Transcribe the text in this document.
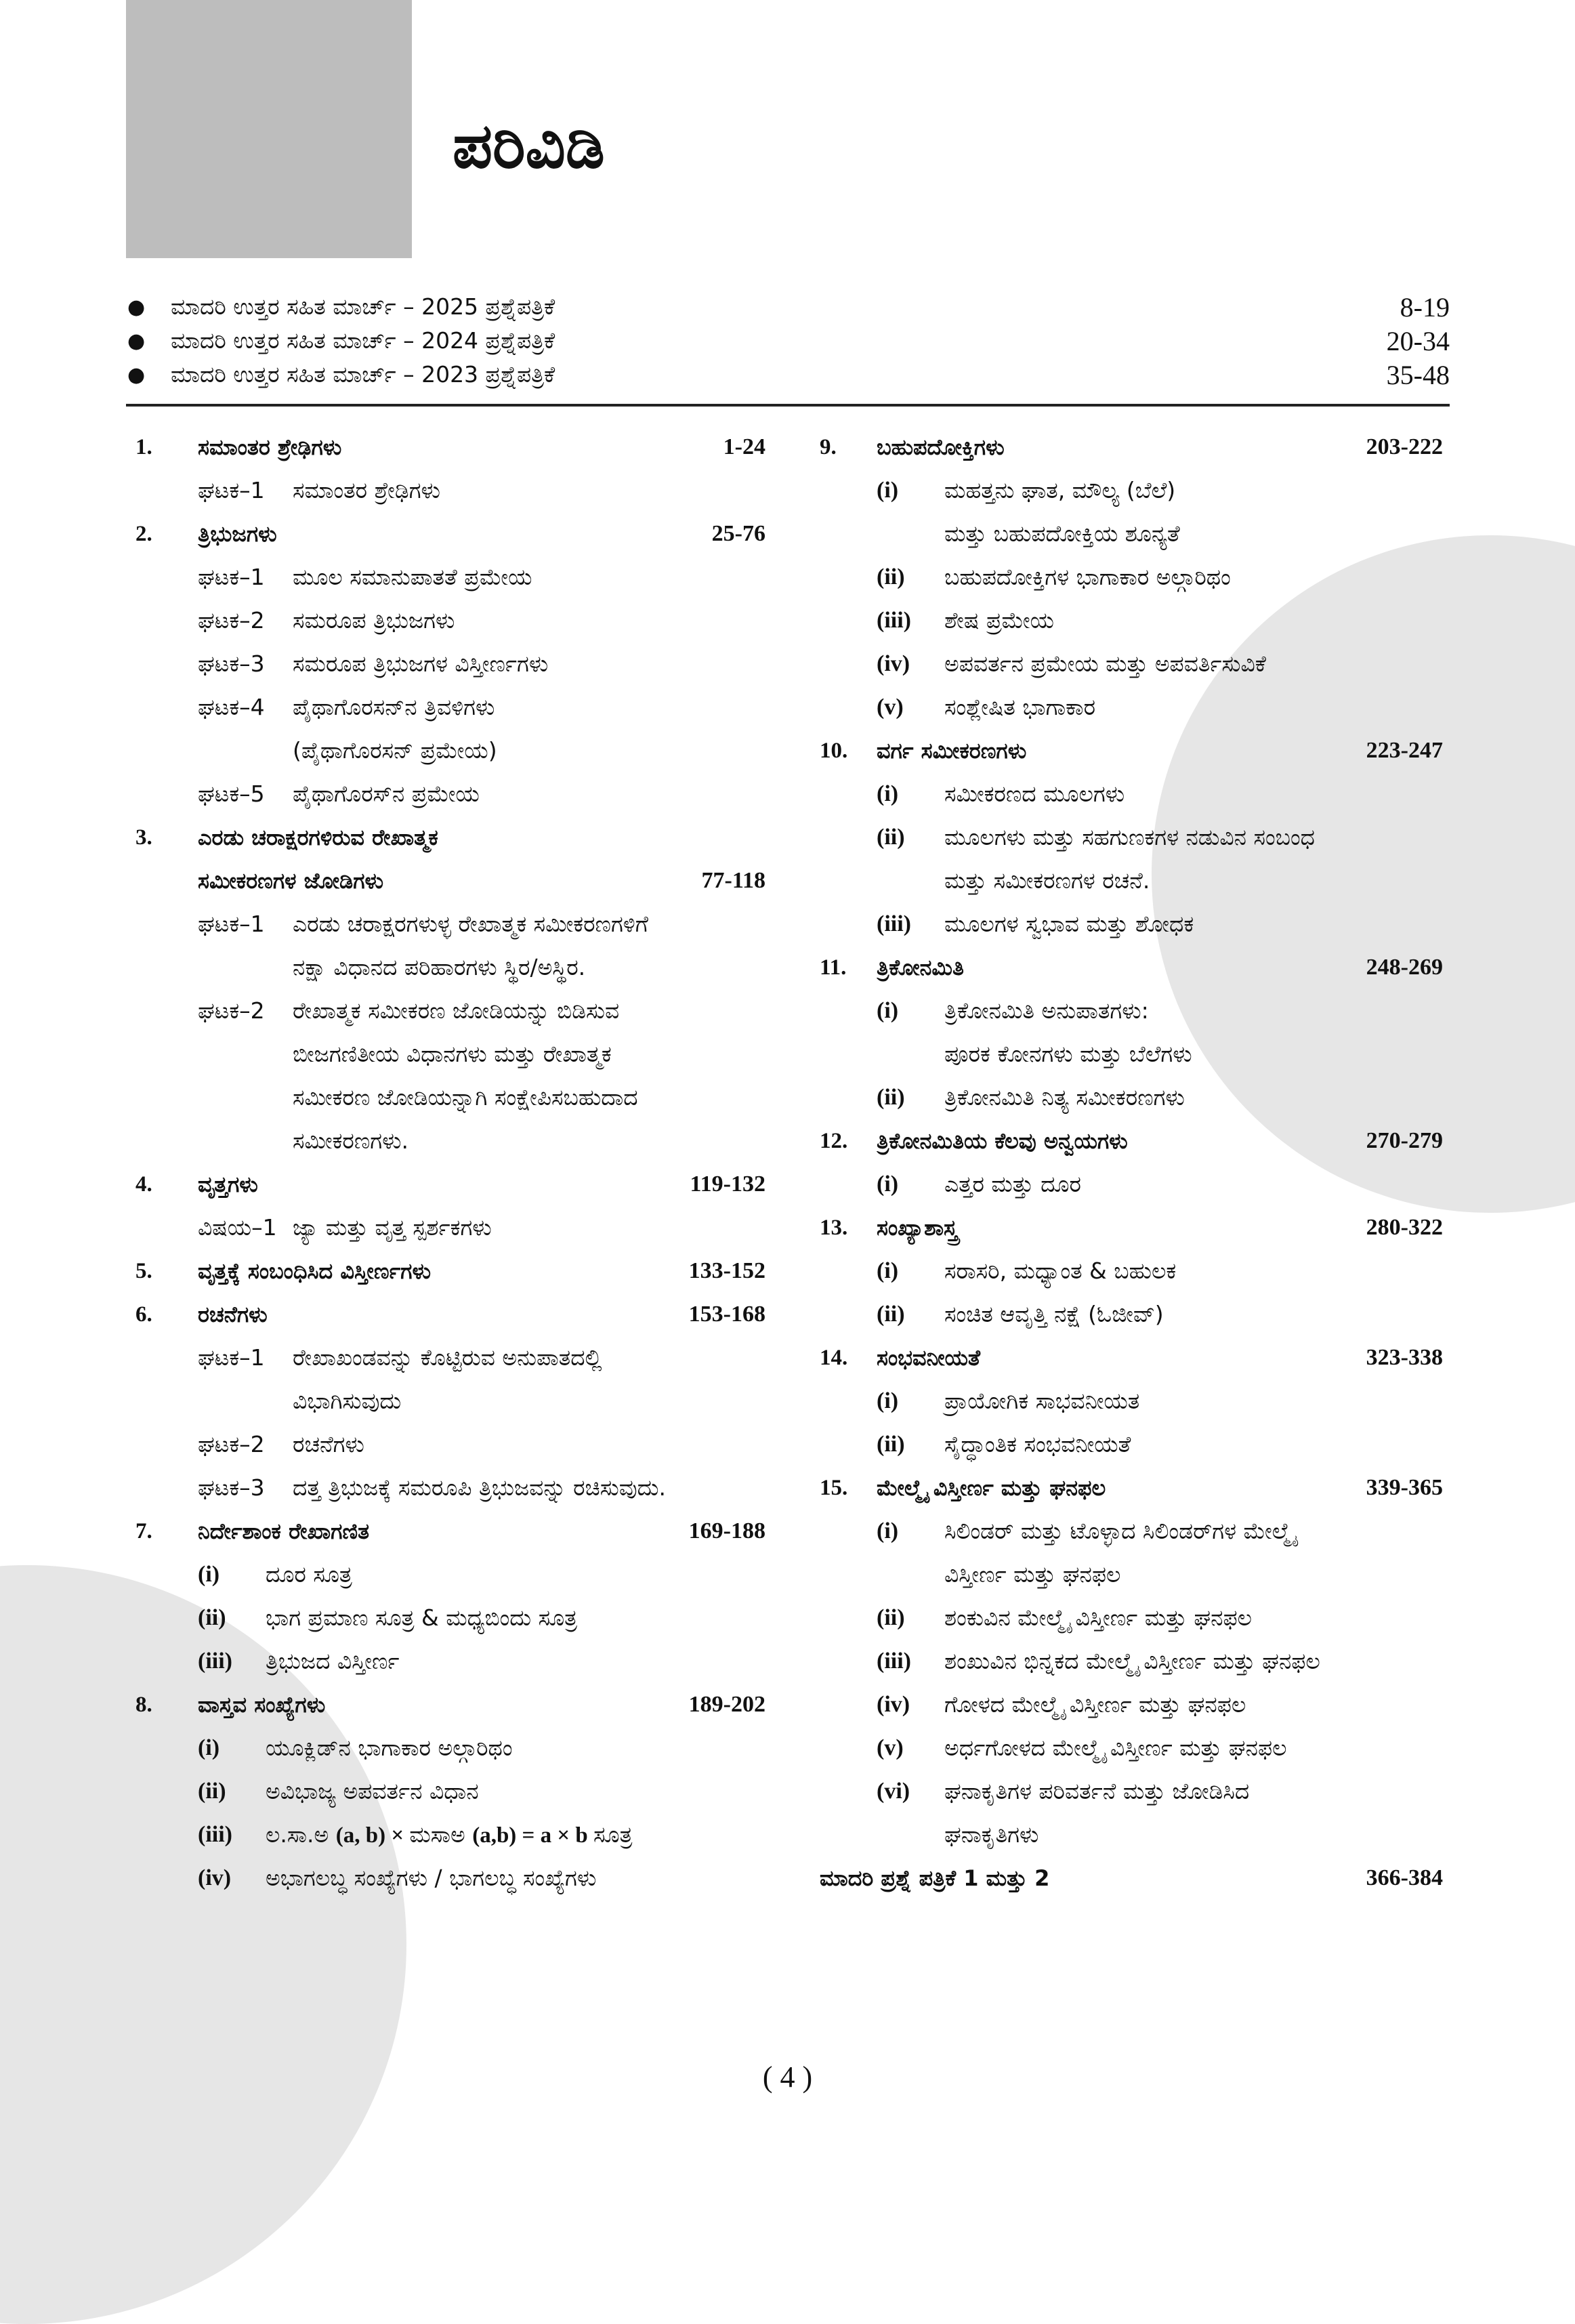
ಪರಿವಿಡಿ
●	ಮಾದರಿ ಉತ್ತರ ಸಹಿತ ಮಾರ್ಚ್ – 2025 ಪ್ರಶ್ನೆಪತ್ರಿಕೆ	8-19
●	ಮಾದರಿ ಉತ್ತರ ಸಹಿತ ಮಾರ್ಚ್ – 2024 ಪ್ರಶ್ನೆಪತ್ರಿಕೆ	20-34
●	ಮಾದರಿ ಉತ್ತರ ಸಹಿತ ಮಾರ್ಚ್ – 2023 ಪ್ರಶ್ನೆಪತ್ರಿಕೆ	35-48
1.	ಸಮಾಂತರ ಶ್ರೇಢಿಗಳು	1-24
ಘಟಕ–1	ಸಮಾಂತರ ಶ್ರೇಢಿಗಳು
2.	ತ್ರಿಭುಜಗಳು	25-76
ಘಟಕ–1	ಮೂಲ ಸಮಾನುಪಾತತೆ ಪ್ರಮೇಯ
ಘಟಕ–2	ಸಮರೂಪ ತ್ರಿಭುಜಗಳು
ಘಟಕ–3	ಸಮರೂಪ ತ್ರಿಭುಜಗಳ ವಿಸ್ತೀರ್ಣಗಳು
ಘಟಕ–4	ಪೈಥಾಗೊರಸನ್‌ನ ತ್ರಿವಳಿಗಳು
(ಪೈಥಾಗೊರಸನ್ ಪ್ರಮೇಯ)
ಘಟಕ–5	ಪೈಥಾಗೊರಸ್‌ನ ಪ್ರಮೇಯ
3.	ಎರಡು ಚರಾಕ್ಷರಗಳಿರುವ ರೇಖಾತ್ಮಕ
ಸಮೀಕರಣಗಳ ಜೋಡಿಗಳು	77-118
ಘಟಕ–1	ಎರಡು ಚರಾಕ್ಷರಗಳುಳ್ಳ ರೇಖಾತ್ಮಕ ಸಮೀಕರಣಗಳಿಗೆ
ನಕ್ಷಾ ವಿಧಾನದ ಪರಿಹಾರಗಳು ಸ್ಥಿರ/ಅಸ್ಥಿರ.
ಘಟಕ–2	ರೇಖಾತ್ಮಕ ಸಮೀಕರಣ ಜೋಡಿಯನ್ನು ಬಿಡಿಸುವ
ಬೀಜಗಣಿತೀಯ ವಿಧಾನಗಳು ಮತ್ತು ರೇಖಾತ್ಮಕ
ಸಮೀಕರಣ ಜೋಡಿಯನ್ನಾಗಿ ಸಂಕ್ಷೇಪಿಸಬಹುದಾದ
ಸಮೀಕರಣಗಳು.
4.	ವೃತ್ತಗಳು	119-132
ವಿಷಯ–1 ಜ್ಯಾ ಮತ್ತು ವೃತ್ತ ಸ್ಪರ್ಶಕಗಳು
5.	ವೃತ್ತಕ್ಕೆ ಸಂಬಂಧಿಸಿದ ವಿಸ್ತೀರ್ಣಗಳು	133-152
6.	ರಚನೆಗಳು	153-168
ಘಟಕ–1	ರೇಖಾಖಂಡವನ್ನು ಕೊಟ್ಟಿರುವ ಅನುಪಾತದಲ್ಲಿ
ವಿಭಾಗಿಸುವುದು
ಘಟಕ–2	ರಚನೆಗಳು
ಘಟಕ–3	ದತ್ತ ತ್ರಿಭುಜಕ್ಕೆ ಸಮರೂಪಿ ತ್ರಿಭುಜವನ್ನು ರಚಿಸುವುದು.
7.	ನಿರ್ದೇಶಾಂಕ ರೇಖಾಗಣಿತ	169-188
(i)	ದೂರ ಸೂತ್ರ
(ii)	ಭಾಗ ಪ್ರಮಾಣ ಸೂತ್ರ & ಮಧ್ಯಬಿಂದು ಸೂತ್ರ
(iii)	ತ್ರಿಭುಜದ ವಿಸ್ತೀರ್ಣ
8.	ವಾಸ್ತವ ಸಂಖ್ಯೆಗಳು	189-202
(i)	ಯೂಕ್ಲಿಡ್‌ನ ಭಾಗಾಕಾರ ಅಲ್ಗಾರಿಥಂ
(ii)	ಅವಿಭಾಜ್ಯ ಅಪವರ್ತನ ವಿಧಾನ
(iii)	ಲ.ಸಾ.ಅ (a, b) × ಮಸಾಅ (a,b) = a × b ಸೂತ್ರ
(iv)	ಅಭಾಗಲಬ್ಧ ಸಂಖ್ಯೆಗಳು / ಭಾಗಲಬ್ಧ ಸಂಖ್ಯೆಗಳು
9.	ಬಹುಪದೋಕ್ತಿಗಳು	203-222
(i)	ಮಹತ್ತನು ಘಾತ, ಮೌಲ್ಯ (ಬೆಲೆ)
ಮತ್ತು ಬಹುಪದೋಕ್ತಿಯ ಶೂನ್ಯತೆ
(ii)	ಬಹುಪದೋಕ್ತಿಗಳ ಭಾಗಾಕಾರ ಅಲ್ಗಾರಿಥಂ
(iii)	ಶೇಷ ಪ್ರಮೇಯ
(iv)	ಅಪವರ್ತನ ಪ್ರಮೇಯ ಮತ್ತು ಅಪವರ್ತಿಸುವಿಕೆ
(v)	ಸಂಶ್ಲೇಷಿತ ಭಾಗಾಕಾರ
10.	ವರ್ಗ ಸಮೀಕರಣಗಳು	223-247
(i)	ಸಮೀಕರಣದ ಮೂಲಗಳು
(ii)	ಮೂಲಗಳು ಮತ್ತು ಸಹಗುಣಕಗಳ ನಡುವಿನ ಸಂಬಂಧ
ಮತ್ತು ಸಮೀಕರಣಗಳ ರಚನೆ.
(iii)	ಮೂಲಗಳ ಸ್ವಭಾವ ಮತ್ತು ಶೋಧಕ
11.	ತ್ರಿಕೋನಮಿತಿ	248-269
(i)	ತ್ರಿಕೋನಮಿತಿ ಅನುಪಾತಗಳು:
ಪೂರಕ ಕೋನಗಳು ಮತ್ತು ಬೆಲೆಗಳು
(ii)	ತ್ರಿಕೋನಮಿತಿ ನಿತ್ಯ ಸಮೀಕರಣಗಳು
12.	ತ್ರಿಕೋನಮಿತಿಯ ಕೆಲವು ಅನ್ವಯಗಳು	270-279
(i)	ಎತ್ತರ ಮತ್ತು ದೂರ
13.	ಸಂಖ್ಯಾಶಾಸ್ತ್ರ	280-322
(i)	ಸರಾಸರಿ, ಮಧ್ಯಾಂತ & ಬಹುಲಕ
(ii)	ಸಂಚಿತ ಆವೃತ್ತಿ ನಕ್ಷೆ (ಓಜೀವ್)
14.	ಸಂಭವನೀಯತೆ	323-338
(i)	ಪ್ರಾಯೋಗಿಕ ಸಾಭವನೀಯತ
(ii)	ಸೈದ್ಧಾಂತಿಕ ಸಂಭವನೀಯತೆ
15.	ಮೇಲ್ಮೈ ವಿಸ್ತೀರ್ಣ ಮತ್ತು ಘನಫಲ	339-365
(i)	ಸಿಲಿಂಡರ್ ಮತ್ತು ಟೊಳ್ಳಾದ ಸಿಲಿಂಡರ್‌ಗಳ ಮೇಲ್ಮೈ
ವಿಸ್ತೀರ್ಣ ಮತ್ತು ಘನಫಲ
(ii)	ಶಂಕುವಿನ ಮೇಲ್ಮೈ ವಿಸ್ತೀರ್ಣ ಮತ್ತು ಘನಫಲ
(iii)	ಶಂಖುವಿನ ಭಿನ್ನಕದ ಮೇಲ್ಮೈ ವಿಸ್ತೀರ್ಣ ಮತ್ತು ಘನಫಲ
(iv)	ಗೋಳದ ಮೇಲ್ಮೈ ವಿಸ್ತೀರ್ಣ ಮತ್ತು ಘನಫಲ
(v)	ಅರ್ಧಗೋಳದ ಮೇಲ್ಮೈ ವಿಸ್ತೀರ್ಣ ಮತ್ತು ಘನಫಲ
(vi)	ಘನಾಕೃತಿಗಳ ಪರಿವರ್ತನೆ ಮತ್ತು ಜೋಡಿಸಿದ
ಘನಾಕೃತಿಗಳು
ಮಾದರಿ ಪ್ರಶ್ನೆ ಪತ್ರಿಕೆ 1 ಮತ್ತು 2	366-384
( 4 )
